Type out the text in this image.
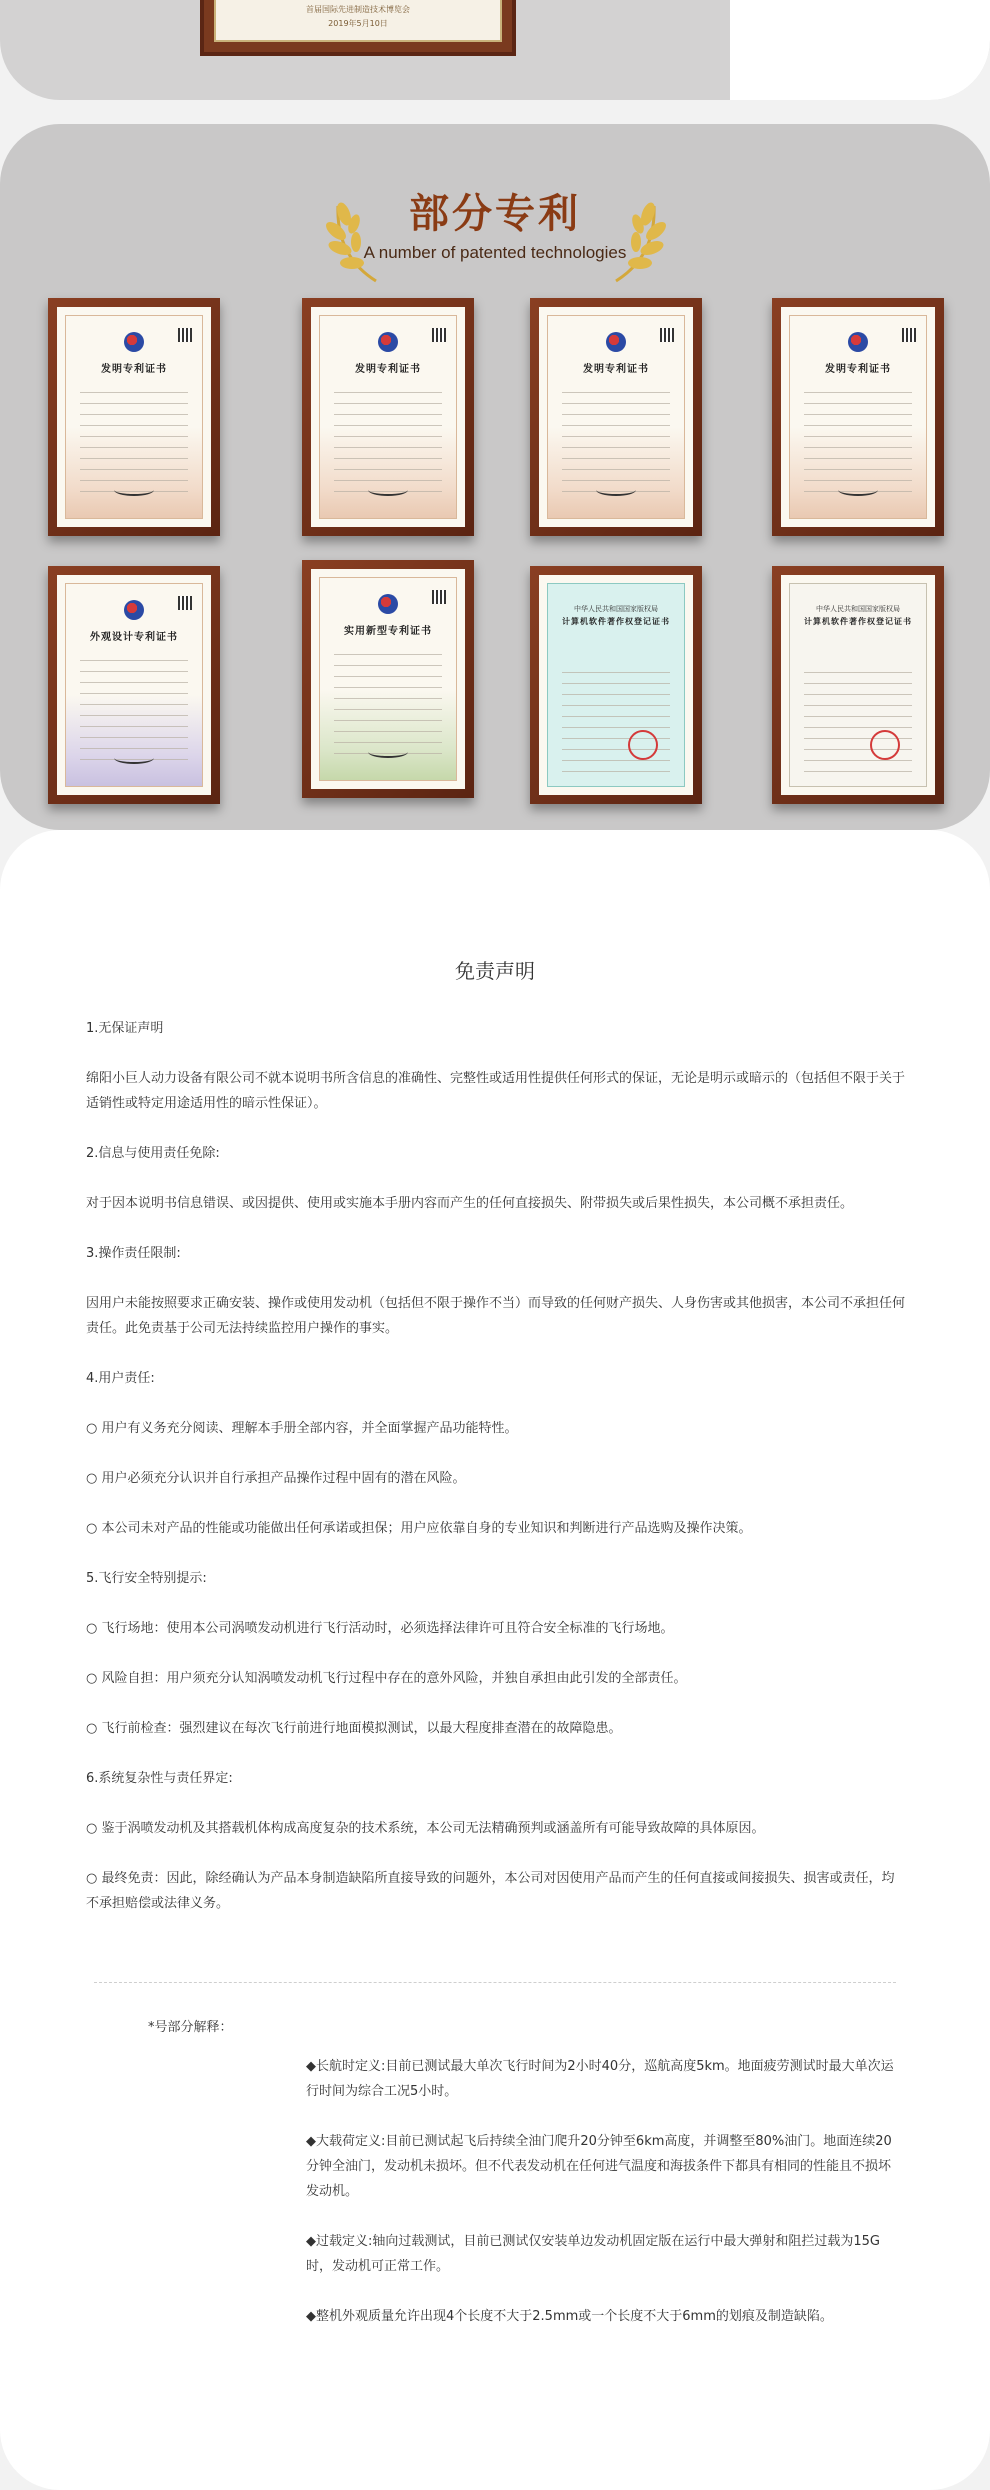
首届国际先进制造技术博览会
2019年5月10日
部分专利
A number of patented technologies
发明专利证书	发明专利证书	发明专利证书	发明专利证书
外观设计专利证书
实用新型专利证书
中华人民共和国国家版权局
计算机软件著作权登记证书
中华人民共和国国家版权局
计算机软件著作权登记证书
免责声明

1.无保证声明

绵阳小巨人动力设备有限公司不就本说明书所含信息的准确性、完整性或适用性提供任何形式的保证，无论是明示或暗示的（包括但不限于关于适销性或特定用途适用性的暗示性保证）。

2.信息与使用责任免除:

对于因本说明书信息错误、或因提供、使用或实施本手册内容而产生的任何直接损失、附带损失或后果性损失，本公司概不承担责任。

3.操作责任限制:

因用户未能按照要求正确安装、操作或使用发动机（包括但不限于操作不当）而导致的任何财产损失、人身伤害或其他损害，本公司不承担任何责任。此免责基于公司无法持续监控用户操作的事实。

4.用户责任:

○ 用户有义务充分阅读、理解本手册全部内容，并全面掌握产品功能特性。

○ 用户必须充分认识并自行承担产品操作过程中固有的潜在风险。

○ 本公司未对产品的性能或功能做出任何承诺或担保；用户应依靠自身的专业知识和判断进行产品选购及操作决策。

5.飞行安全特别提示:

○ 飞行场地：使用本公司涡喷发动机进行飞行活动时，必须选择法律许可且符合安全标准的飞行场地。

○ 风险自担：用户须充分认知涡喷发动机飞行过程中存在的意外风险，并独自承担由此引发的全部责任。

○ 飞行前检查：强烈建议在每次飞行前进行地面模拟测试，以最大程度排查潜在的故障隐患。

6.系统复杂性与责任界定:

○ 鉴于涡喷发动机及其搭载机体构成高度复杂的技术系统，本公司无法精确预判或涵盖所有可能导致故障的具体原因。

○ 最终免责：因此，除经确认为产品本身制造缺陷所直接导致的问题外，本公司对因使用产品而产生的任何直接或间接损失、损害或责任，均不承担赔偿或法律义务。

*号部分解释：

◆长航时定义:目前已测试最大单次飞行时间为2小时40分，巡航高度5km。地面疲劳测试时最大单次运行时间为综合工况5小时。

◆大载荷定义:目前已测试起飞后持续全油门爬升20分钟至6km高度，并调整至80%油门。地面连续20分钟全油门，发动机未损坏。但不代表发动机在任何进气温度和海拔条件下都具有相同的性能且不损坏发动机。

◆过载定义:轴向过载测试，目前已测试仅安装单边发动机固定版在运行中最大弹射和阻拦过载为15G时，发动机可正常工作。

◆整机外观质量允许出现4个长度不大于2.5mm或一个长度不大于6mm的划痕及制造缺陷。
